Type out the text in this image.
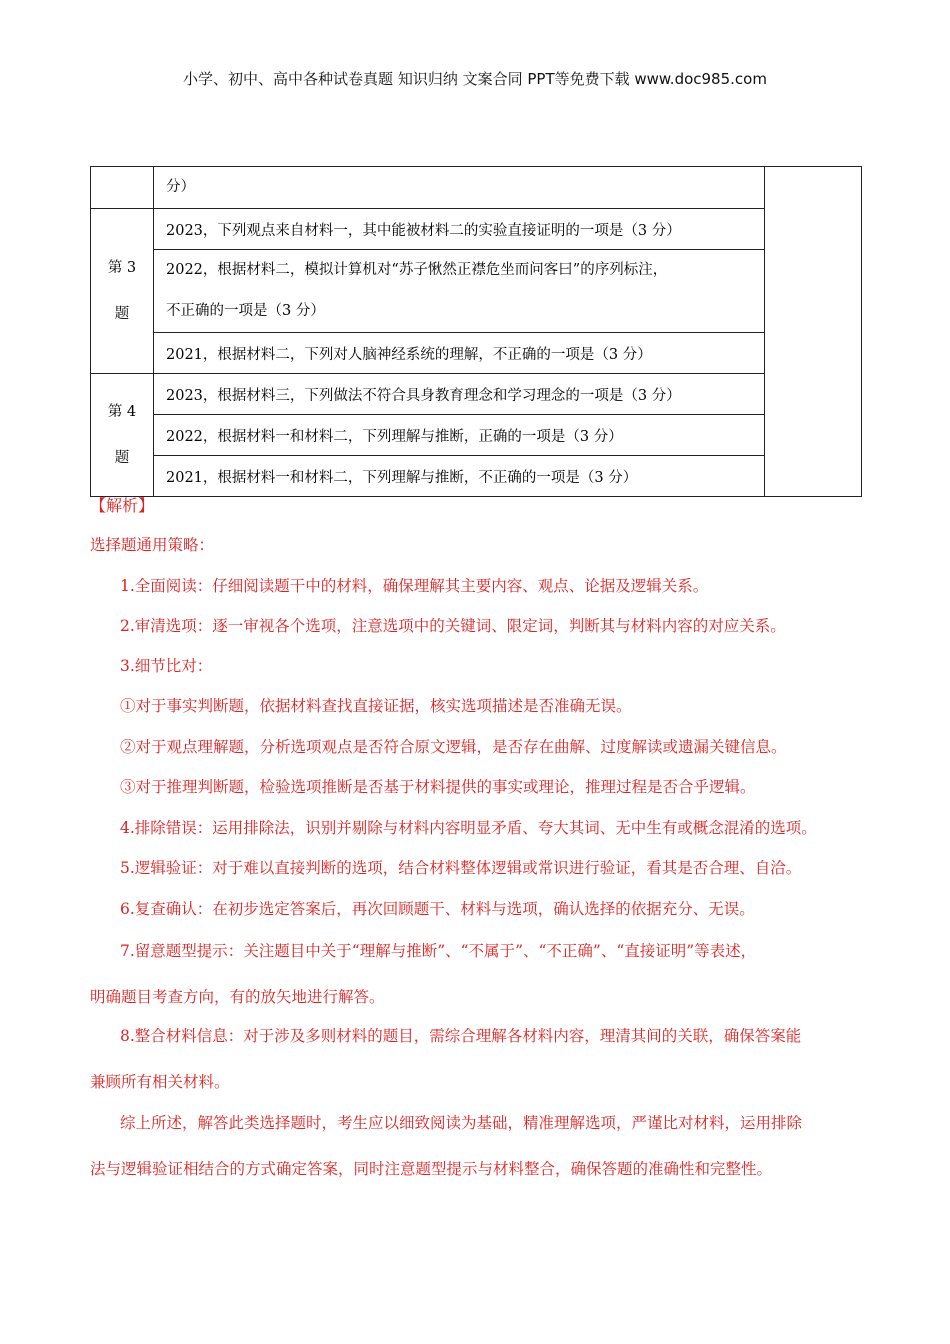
小学、初中、高中各种试卷真题 知识归纳 文案合同 PPT等免费下载 www.doc985.com
	分）	

第 3
题	2023，下列观点来自材料一，其中能被材料二的实验直接证明的一项是（3 分）	

	2022，根据材料二，模拟计算机对“苏子愀然正襟危坐而问客曰”的序列标注，
不正确的一项是（3 分）	

	2021，根据材料二，下列对人脑神经系统的理解，不正确的一项是（3 分）	

第 4
题	2023，根据材料三，下列做法不符合具身教育理念和学习理念的一项是（3 分）	
	2022，根据材料一和材料二，下列理解与推断，正确的一项是（3 分）	
	2021，根据材料一和材料二，下列理解与推断，不正确的一项是（3 分）	
【解析】
选择题通用策略：
1.全面阅读：仔细阅读题干中的材料，确保理解其主要内容、观点、论据及逻辑关系。
2.审清选项：逐一审视各个选项，注意选项中的关键词、限定词，判断其与材料内容的对应关系。
3.细节比对：
①对于事实判断题，依据材料查找直接证据，核实选项描述是否准确无误。
②对于观点理解题，分析选项观点是否符合原文逻辑，是否存在曲解、过度解读或遗漏关键信息。
③对于推理判断题，检验选项推断是否基于材料提供的事实或理论，推理过程是否合乎逻辑。
4.排除错误：运用排除法，识别并剔除与材料内容明显矛盾、夸大其词、无中生有或概念混淆的选项。
5.逻辑验证：对于难以直接判断的选项，结合材料整体逻辑或常识进行验证，看其是否合理、自洽。
6.复查确认：在初步选定答案后，再次回顾题干、材料与选项，确认选择的依据充分、无误。
7.留意题型提示：关注题目中关于“理解与推断”、“不属于”、“不正确”、“直接证明”等表述，
明确题目考查方向，有的放矢地进行解答。
8.整合材料信息：对于涉及多则材料的题目，需综合理解各材料内容，理清其间的关联，确保答案能
兼顾所有相关材料。
综上所述，解答此类选择题时，考生应以细致阅读为基础，精准理解选项，严谨比对材料，运用排除
法与逻辑验证相结合的方式确定答案，同时注意题型提示与材料整合，确保答题的准确性和完整性。
